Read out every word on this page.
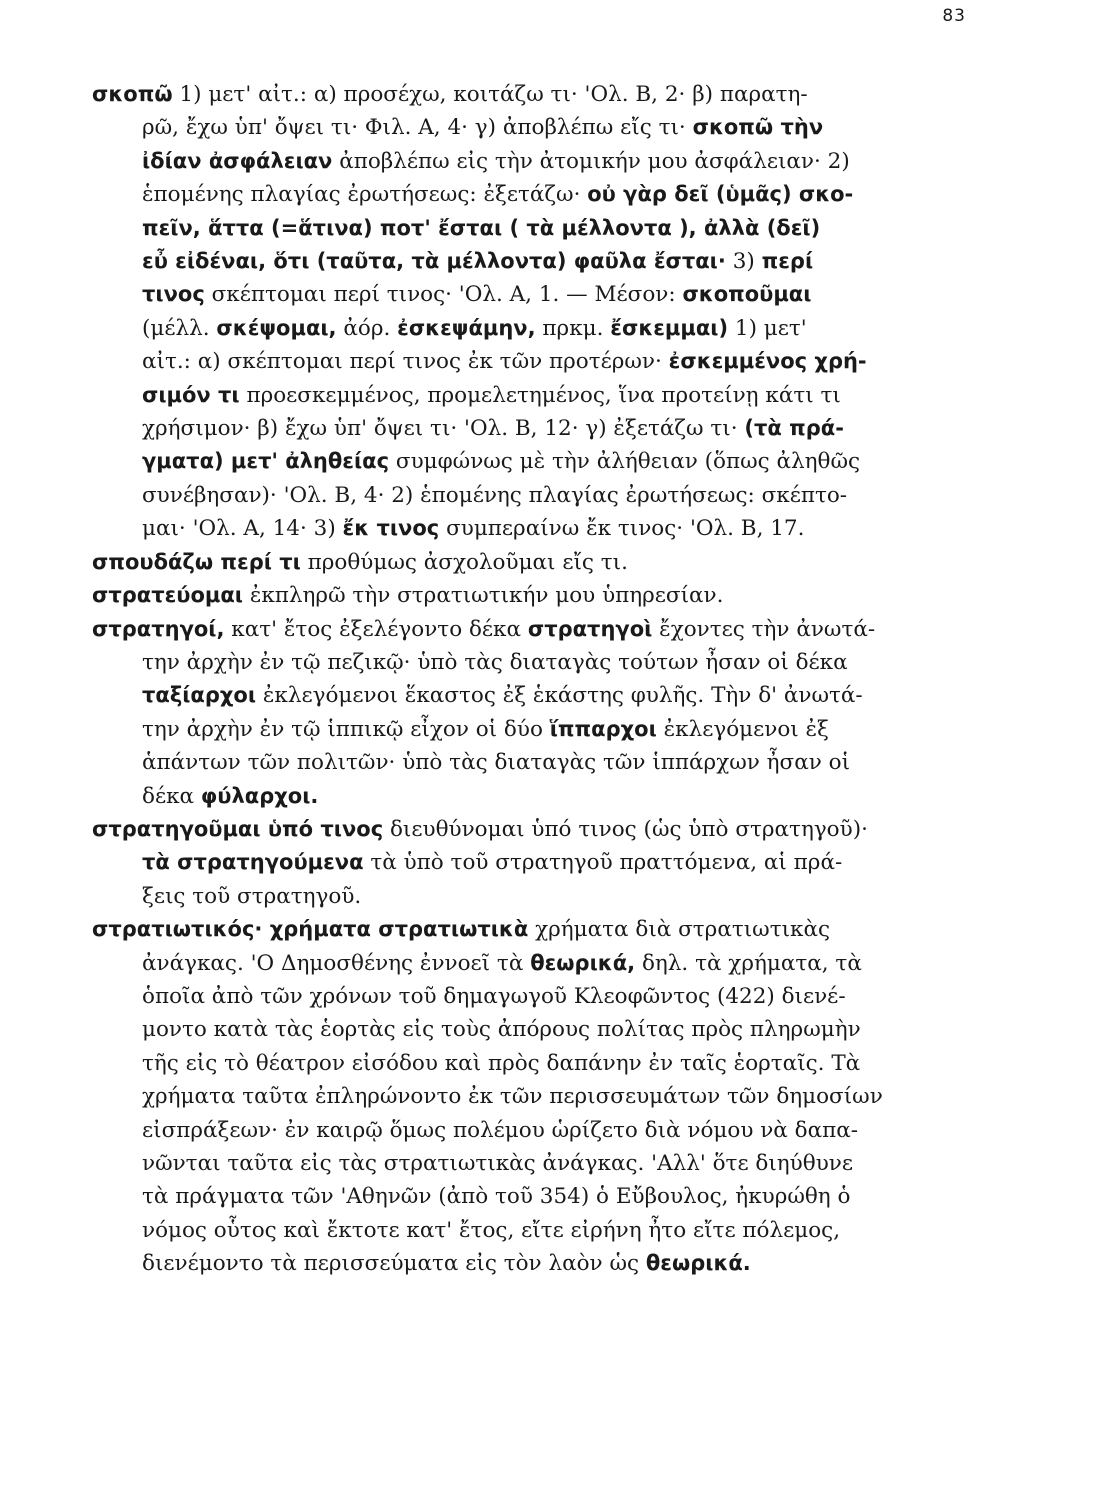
83
σκοπῶ 1) μετ' αἰτ.: α) προσέχω, κοιτάζω τι· 'Ολ. Β, 2· β) παρατη-
ρῶ, ἔχω ὑπ' ὄψει τι· Φιλ. Α, 4· γ) ἀποβλέπω εἴς τι· σκοπῶ τὴν
ἰδίαν ἀσφάλειαν ἀποβλέπω εἰς τὴν ἀτομικήν μου ἀσφάλειαν· 2)
ἑπομένης πλαγίας ἐρωτήσεως: ἐξετάζω· οὐ γὰρ δεῖ (ὑμᾶς) σκο-
πεῖν, ἅττα (=ἅτινα) ποτ' ἔσται ( τὰ μέλλοντα ), ἀλλὰ (δεῖ)
εὖ εἰδέναι, ὅτι (ταῦτα, τὰ μέλλοντα) φαῦλα ἔσται· 3) περί
τινος σκέπτομαι περί τινος· 'Ολ. Α, 1. — Μέσον: σκοποῦμαι
(μέλλ. σκέψομαι, ἀόρ. ἐσκεψάμην, πρκμ. ἔσκεμμαι) 1) μετ'
αἰτ.: α) σκέπτομαι περί τινος ἐκ τῶν προτέρων· ἐσκεμμένος χρή-
σιμόν τι προεσκεμμένος, προμελετημένος, ἵνα προτείνῃ κάτι τι
χρήσιμον· β) ἔχω ὑπ' ὄψει τι· 'Ολ. Β, 12· γ) ἐξετάζω τι· (τὰ πρά-
γματα) μετ' ἀληθείας συμφώνως μὲ τὴν ἀλήθειαν (ὅπως ἀληθῶς
συνέβησαν)· 'Ολ. Β, 4· 2) ἑπομένης πλαγίας ἐρωτήσεως: σκέπτο-
μαι· 'Ολ. Α, 14· 3) ἔκ τινος συμπεραίνω ἔκ τινος· 'Ολ. Β, 17.
σπουδάζω περί τι προθύμως ἀσχολοῦμαι εἴς τι.
στρατεύομαι ἐκπληρῶ τὴν στρατιωτικήν μου ὑπηρεσίαν.
στρατηγοί, κατ' ἔτος ἐξελέγοντο δέκα στρατηγοὶ ἔχοντες τὴν ἀνωτά-
την ἀρχὴν ἐν τῷ πεζικῷ· ὑπὸ τὰς διαταγὰς τούτων ἦσαν οἱ δέκα
ταξίαρχοι ἐκλεγόμενοι ἕκαστος ἐξ ἑκάστης φυλῆς. Τὴν δ' ἀνωτά-
την ἀρχὴν ἐν τῷ ἱππικῷ εἶχον οἱ δύο ἵππαρχοι ἐκλεγόμενοι ἐξ
ἁπάντων τῶν πολιτῶν· ὑπὸ τὰς διαταγὰς τῶν ἱππάρχων ἦσαν οἱ
δέκα φύλαρχοι.
στρατηγοῦμαι ὑπό τινος διευθύνομαι ὑπό τινος (ὡς ὑπὸ στρατηγοῦ)·
τὰ στρατηγούμενα τὰ ὑπὸ τοῦ στρατηγοῦ πραττόμενα, αἱ πρά-
ξεις τοῦ στρατηγοῦ.
στρατιωτικός· χρήματα στρατιωτικὰ χρήματα διὰ στρατιωτικὰς
ἀνάγκας. 'Ο Δημοσθένης ἐννοεῖ τὰ θεωρικά, δηλ. τὰ χρήματα, τὰ
ὁποῖα ἀπὸ τῶν χρόνων τοῦ δημαγωγοῦ Κλεοφῶντος (422) διενέ-
μοντο κατὰ τὰς ἑορτὰς εἰς τοὺς ἀπόρους πολίτας πρὸς πληρωμὴν
τῆς εἰς τὸ θέατρον εἰσόδου καὶ πρὸς δαπάνην ἐν ταῖς ἑορταῖς. Τὰ
χρήματα ταῦτα ἐπληρώνοντο ἐκ τῶν περισσευμάτων τῶν δημοσίων
εἰσπράξεων· ἐν καιρῷ ὅμως πολέμου ὡρίζετο διὰ νόμου νὰ δαπα-
νῶνται ταῦτα εἰς τὰς στρατιωτικὰς ἀνάγκας. 'Αλλ' ὅτε διηύθυνε
τὰ πράγματα τῶν 'Αθηνῶν (ἀπὸ τοῦ 354) ὁ Εὔβουλος, ἠκυρώθη ὁ
νόμος οὗτος καὶ ἔκτοτε κατ' ἔτος, εἴτε εἰρήνη ἦτο εἴτε πόλεμος,
διενέμοντο τὰ περισσεύματα εἰς τὸν λαὸν ὡς θεωρικά.
